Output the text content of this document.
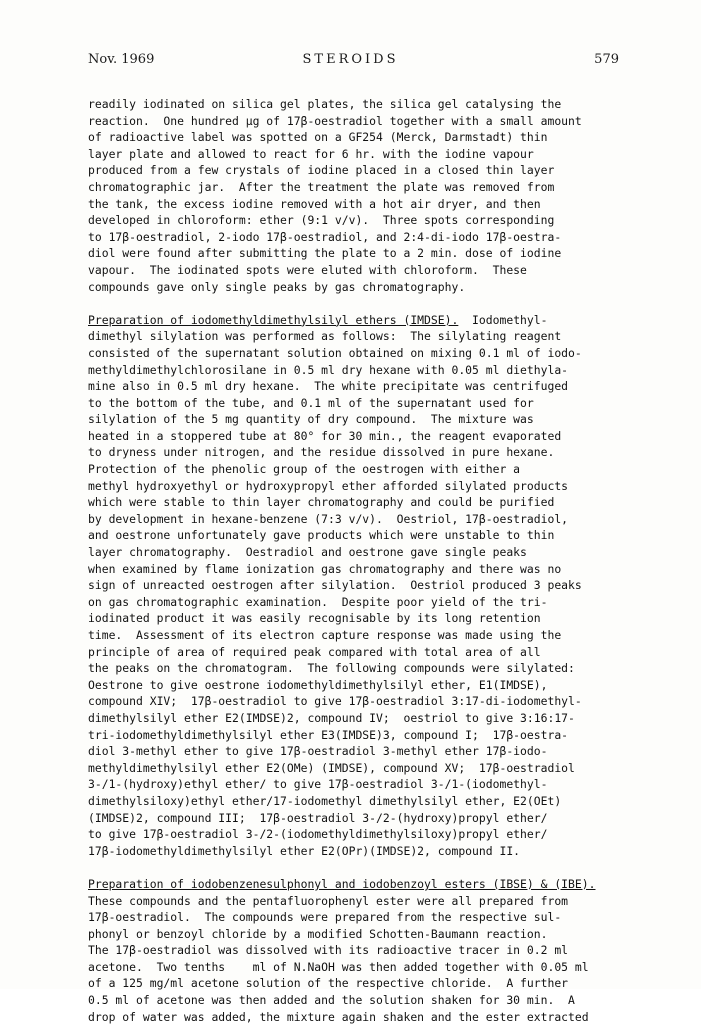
Nov. 1969	STEROIDS	579
readily iodinated on silica gel plates, the silica gel catalysing the
reaction.  One hundred µg of 17β-oestradiol together with a small amount
of radioactive label was spotted on a GF254 (Merck, Darmstadt) thin
layer plate and allowed to react for 6 hr. with the iodine vapour
produced from a few crystals of iodine placed in a closed thin layer
chromatographic jar.  After the treatment the plate was removed from
the tank, the excess iodine removed with a hot air dryer, and then
developed in chloroform: ether (9:1 v/v).  Three spots corresponding
to 17β-oestradiol, 2-iodo 17β-oestradiol, and 2:4-di-iodo 17β-oestra-
diol were found after submitting the plate to a 2 min. dose of iodine
vapour.  The iodinated spots were eluted with chloroform.  These
compounds gave only single peaks by gas chromatography.
Preparation of iodomethyldimethylsilyl ethers (IMDSE).  Iodomethyl-
dimethyl silylation was performed as follows:  The silylating reagent
consisted of the supernatant solution obtained on mixing 0.1 ml of iodo-
methyldimethylchlorosilane in 0.5 ml dry hexane with 0.05 ml diethyla-
mine also in 0.5 ml dry hexane.  The white precipitate was centrifuged
to the bottom of the tube, and 0.1 ml of the supernatant used for
silylation of the 5 mg quantity of dry compound.  The mixture was
heated in a stoppered tube at 80° for 30 min., the reagent evaporated
to dryness under nitrogen, and the residue dissolved in pure hexane.
Protection of the phenolic group of the oestrogen with either a
methyl hydroxyethyl or hydroxypropyl ether afforded silylated products
which were stable to thin layer chromatography and could be purified
by development in hexane-benzene (7:3 v/v).  Oestriol, 17β-oestradiol,
and oestrone unfortunately gave products which were unstable to thin
layer chromatography.  Oestradiol and oestrone gave single peaks
when examined by flame ionization gas chromatography and there was no
sign of unreacted oestrogen after silylation.  Oestriol produced 3 peaks
on gas chromatographic examination.  Despite poor yield of the tri-
iodinated product it was easily recognisable by its long retention
time.  Assessment of its electron capture response was made using the
principle of area of required peak compared with total area of all
the peaks on the chromatogram.  The following compounds were silylated:
Oestrone to give oestrone iodomethyldimethylsilyl ether, E1(IMDSE),
compound XIV;  17β-oestradiol to give 17β-oestradiol 3:17-di-iodomethyl-
dimethylsilyl ether E2(IMDSE)2, compound IV;  oestriol to give 3:16:17-
tri-iodomethyldimethylsilyl ether E3(IMDSE)3, compound I;  17β-oestra-
diol 3-methyl ether to give 17β-oestradiol 3-methyl ether 17β-iodo-
methyldimethylsilyl ether E2(OMe) (IMDSE), compound XV;  17β-oestradiol
3-/1-(hydroxy)ethyl ether/ to give 17β-oestradiol 3-/1-(iodomethyl-
dimethylsiloxy)ethyl ether/17-iodomethyl dimethylsilyl ether, E2(OEt)
(IMDSE)2, compound III;  17β-oestradiol 3-/2-(hydroxy)propyl ether/
to give 17β-oestradiol 3-/2-(iodomethyldimethylsiloxy)propyl ether/
17β-iodomethyldimethylsilyl ether E2(OPr)(IMDSE)2, compound II.
Preparation of iodobenzenesulphonyl and iodobenzoyl esters (IBSE) & (IBE).
These compounds and the pentafluorophenyl ester were all prepared from
17β-oestradiol.  The compounds were prepared from the respective sul-
phonyl or benzoyl chloride by a modified Schotten-Baumann reaction.
The 17β-oestradiol was dissolved with its radioactive tracer in 0.2 ml
acetone.  Two tenths    ml of N.NaOH was then added together with 0.05 ml
of a 125 mg/ml acetone solution of the respective chloride.  A further
0.5 ml of acetone was then added and the solution shaken for 30 min.  A
drop of water was added, the mixture again shaken and the ester extracted
